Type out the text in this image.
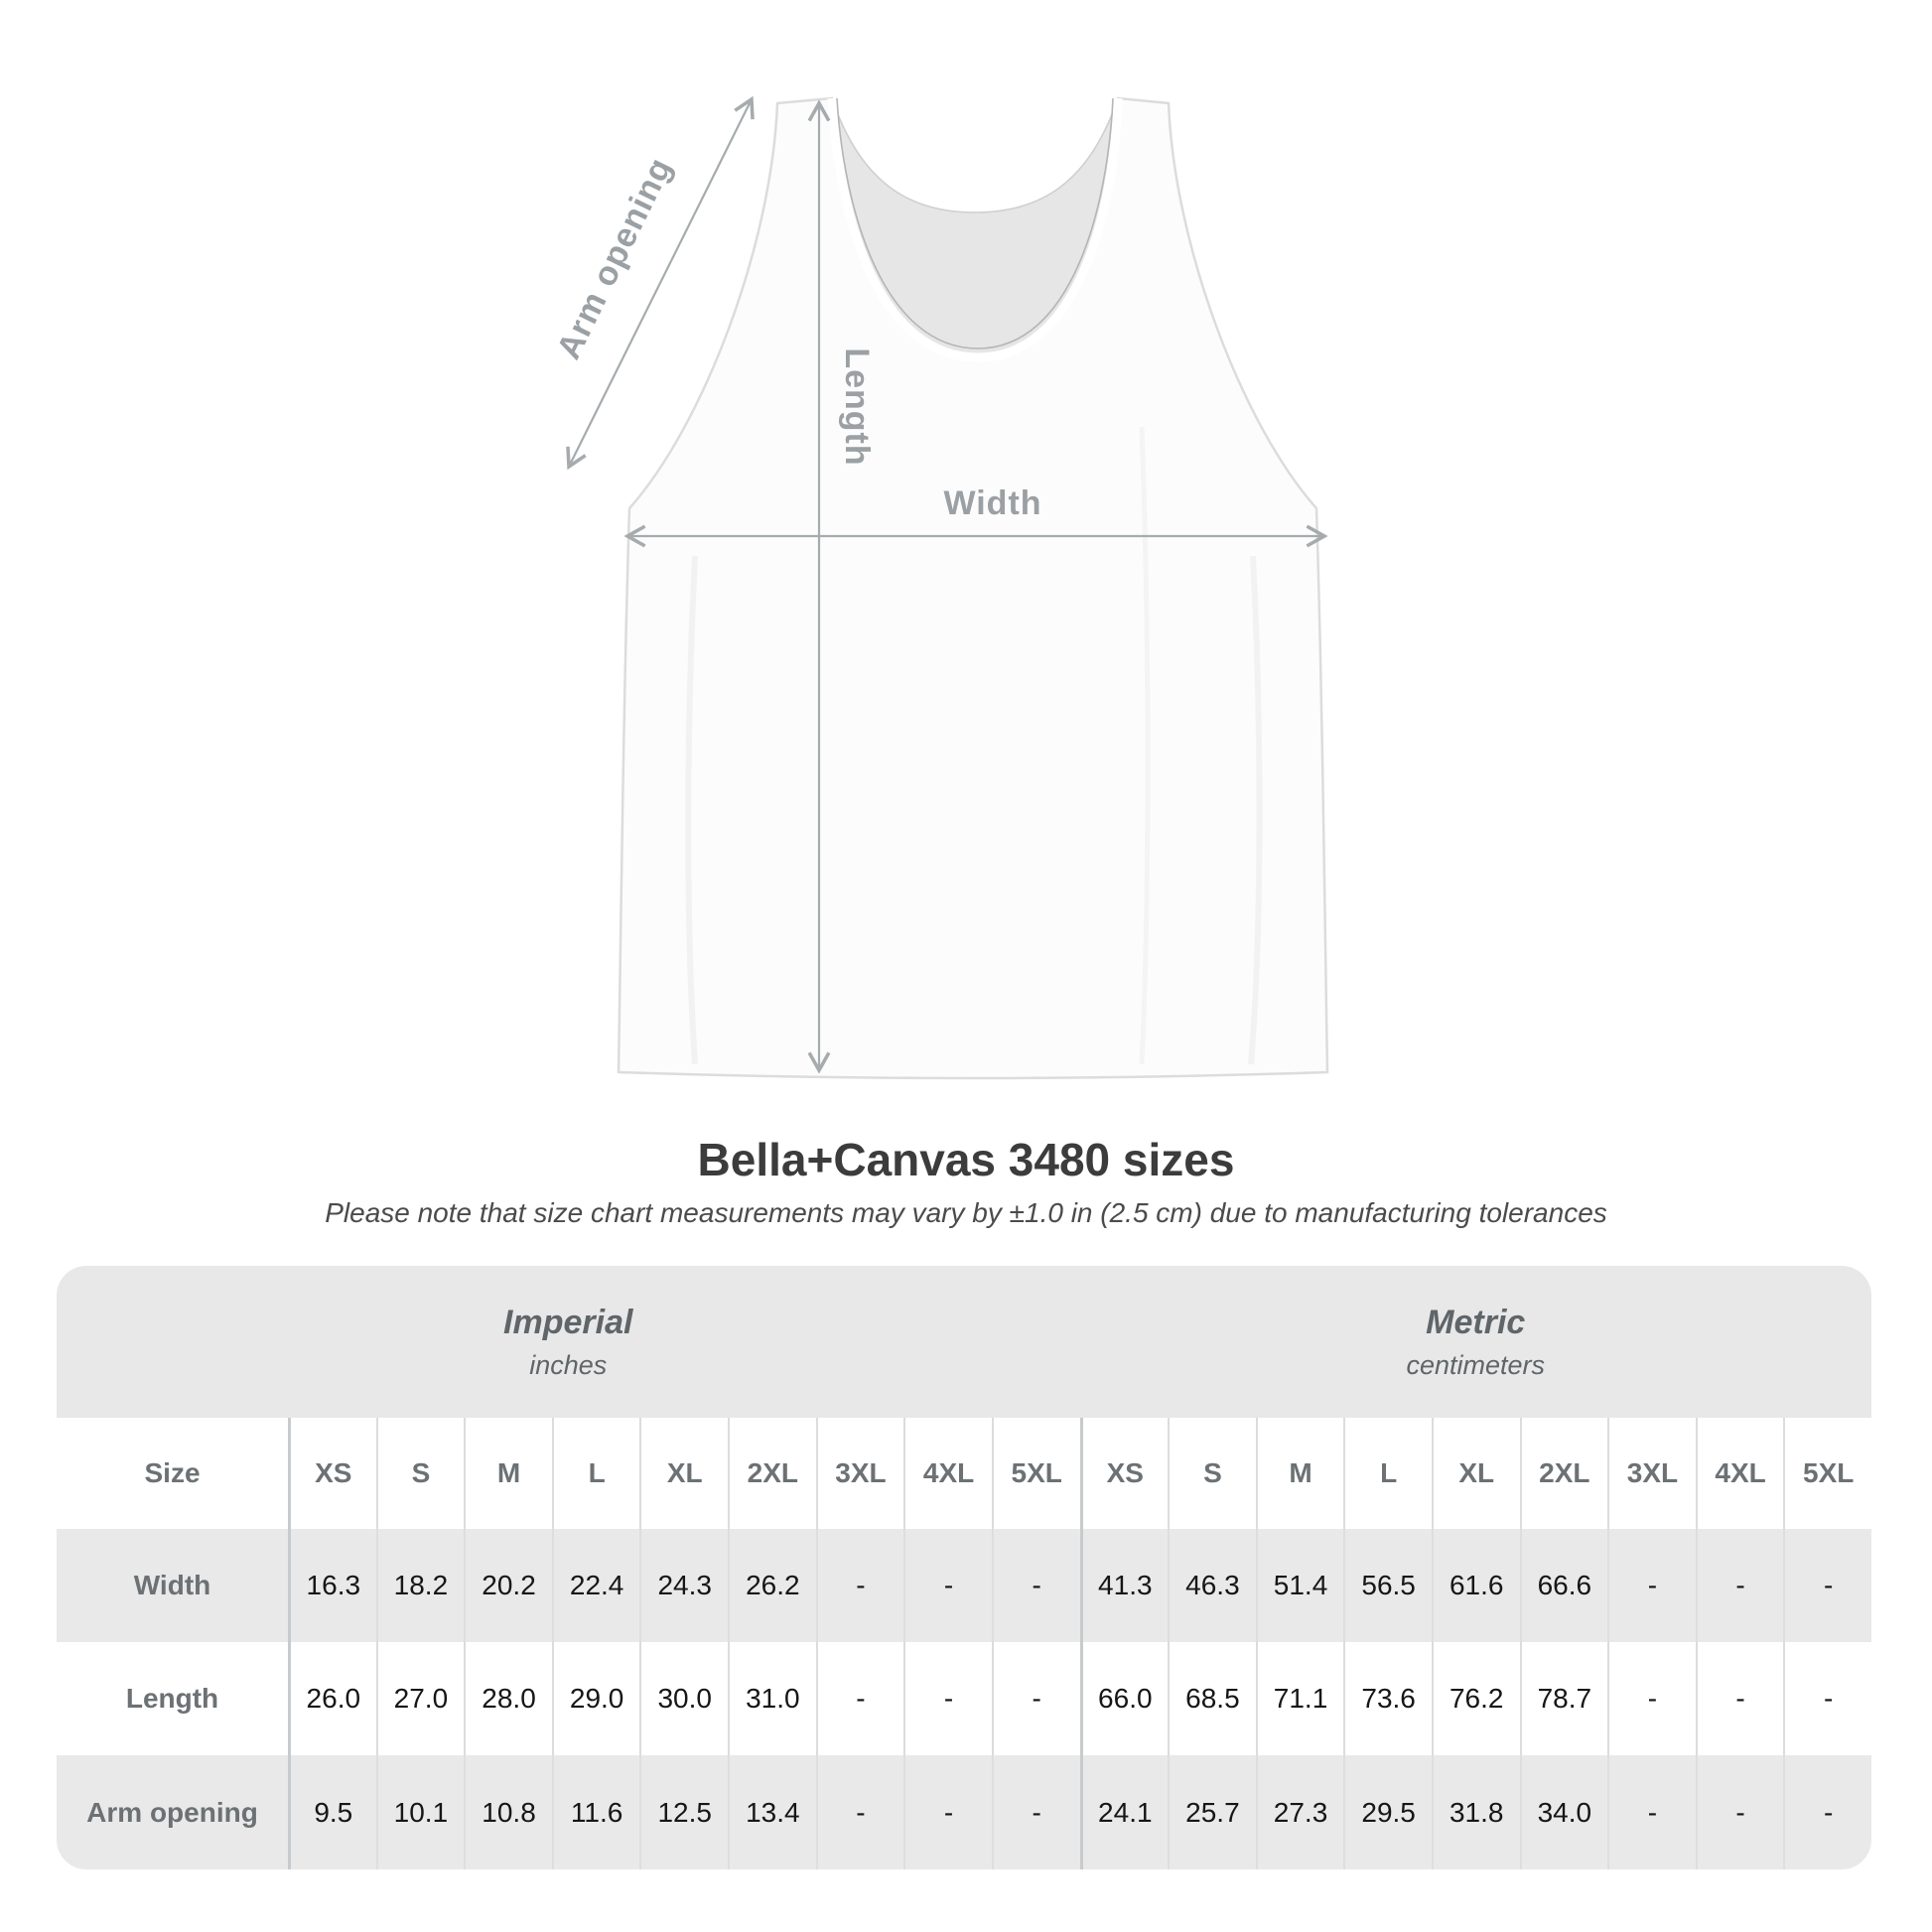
Arm opening
Length
Width
Bella+Canvas 3480 sizes
Please note that size chart measurements may vary by ±1.0 in (2.5 cm) due to manufacturing tolerances
Imperial
inches
Metric
centimeters
Size	XS	S	M	L	XL	2XL	3XL	4XL	5XL	XS	S	M	L	XL	2XL	3XL	4XL	5XL
Width	16.3	18.2	20.2	22.4	24.3	26.2	-	-	-	41.3	46.3	51.4	56.5	61.6	66.6	-	-	-
Length	26.0	27.0	28.0	29.0	30.0	31.0	-	-	-	66.0	68.5	71.1	73.6	76.2	78.7	-	-	-
Arm opening	9.5	10.1	10.8	11.6	12.5	13.4	-	-	-	24.1	25.7	27.3	29.5	31.8	34.0	-	-	-
